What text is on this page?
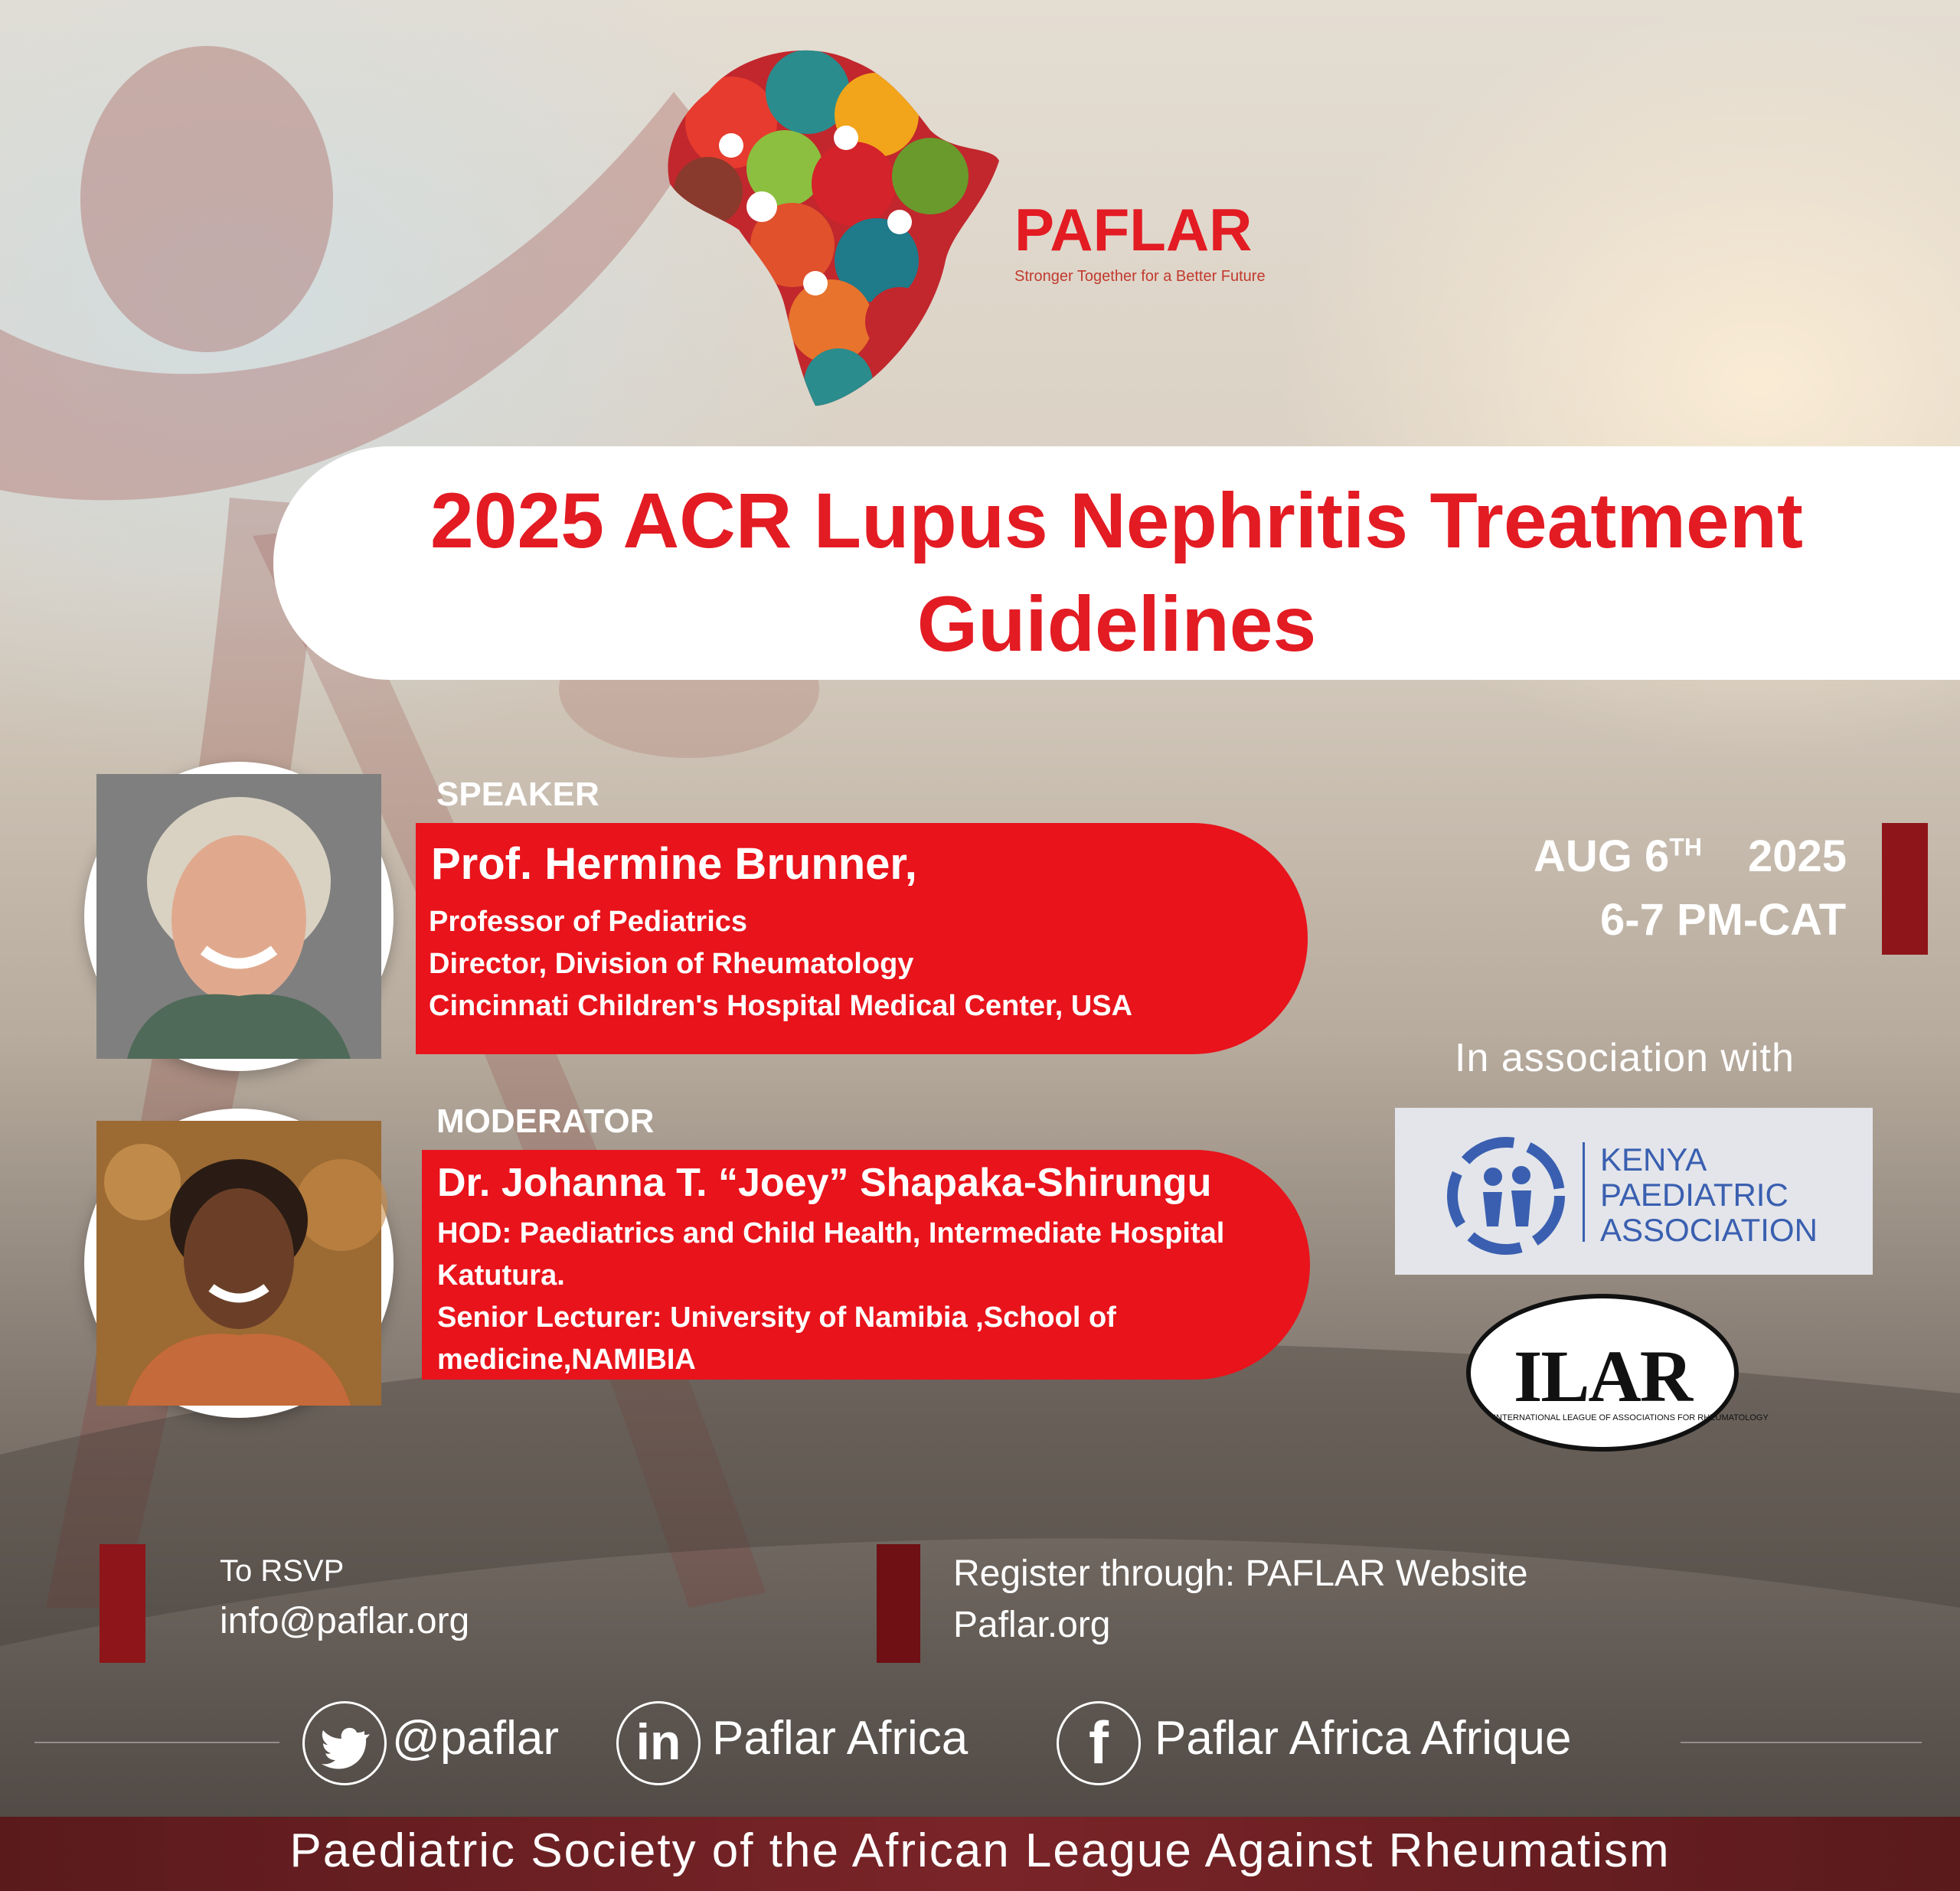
PAFLAR
Stronger Together for a Better Future
2025 ACR Lupus Nephritis Treatment
Guidelines
SPEAKER
Prof. Hermine Brunner,
Professor of Pediatrics
Director, Division of Rheumatology
Cincinnati Children's Hospital Medical Center, USA
MODERATOR
Dr. Johanna T. “Joey” Shapaka-Shirungu
HOD: Paediatrics and Child Health, Intermediate Hospital
Katutura.
Senior Lecturer: University of Namibia ,School of
medicine,NAMIBIA
AUG 6TH 2025
6-7 PM-CAT
In association with
KENYA
PAEDIATRIC
ASSOCIATION
ILAR
INTERNATIONAL LEAGUE OF ASSOCIATIONS FOR RHEUMATOLOGY
To RSVP
info@paflar.org
Register through: PAFLAR Website
Paflar.org
@paflar	in Paflar Africa	f Paflar Africa Afrique
Paediatric Society of the African League Against Rheumatism
